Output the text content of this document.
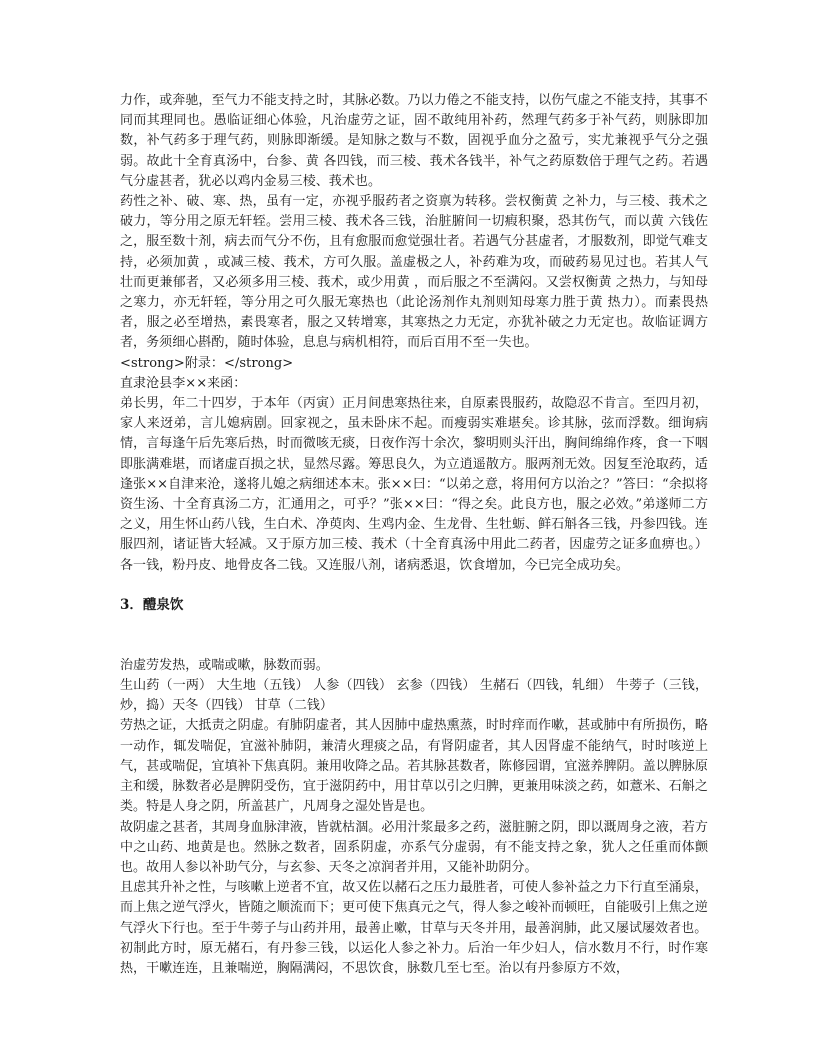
力作，或奔驰，至气力不能支持之时，其脉必数。乃以力倦之不能支持，以伤气虚之不能支持，其事不同而其理同也。愚临证细心体验，凡治虚劳之证，固不敢纯用补药，然理气药多于补气药，则脉即加数，补气药多于理气药，则脉即渐缓。是知脉之数与不数，固视乎血分之盈亏，实尤兼视乎气分之强弱。故此十全育真汤中，台参、黄 各四钱，而三棱、莪术各钱半，补气之药原数倍于理气之药。若遇气分虚甚者，犹必以鸡内金易三棱、莪术也。

药性之补、破、寒、热，虽有一定，亦视乎服药者之资禀为转移。尝权衡黄 之补力，与三棱、莪术之破力，等分用之原无轩轾。尝用三棱、莪术各三钱，治脏腑间一切瘕积聚，恐其伤气，而以黄 六钱佐之，服至数十剂，病去而气分不伤，且有愈服而愈觉强壮者。若遇气分甚虚者，才服数剂，即觉气难支持，必须加黄 ，或减三棱、莪术，方可久服。盖虚极之人，补药难为攻，而破药易见过也。若其人气壮而更兼郁者，又必须多用三棱、莪术，或少用黄 ，而后服之不至满闷。又尝权衡黄 之热力，与知母之寒力，亦无轩轾，等分用之可久服无寒热也（此论汤剂作丸剂则知母寒力胜于黄 热力）。而素畏热者，服之必至增热，素畏寒者，服之又转增寒，其寒热之力无定，亦犹补破之力无定也。故临证调方者，务须细心斟酌，随时体验，息息与病机相符，而后百用不至一失也。

<strong>附录：</strong>

直隶沧县李××来函：

弟长男，年二十四岁，于本年（丙寅）正月间患寒热往来，自原素畏服药，故隐忍不肯言。至四月初，家人来迓弟，言儿媳病剧。回家视之，虽未卧床不起。而瘦弱实难堪矣。诊其脉，弦而浮数。细询病情，言每逢午后先寒后热，时而微咳无痰，日夜作泻十余次，黎明则头汗出，胸间绵绵作疼，食一下咽即胀满难堪，而诸虚百损之状，显然尽露。筹思良久，为立逍遥散方。服两剂无效。因复至沧取药，适逢张××自津来沧，遂将儿媳之病细述本末。张××曰：“以弟之意，将用何方以治之？”答曰：“余拟将资生汤、十全育真汤二方，汇通用之，可乎？”张××曰：“得之矣。此良方也，服之必效。”弟遂师二方之义，用生怀山药八钱，生白术、净萸肉、生鸡内金、生龙骨、生牡蛎、鲜石斛各三钱，丹参四钱。连服四剂，诸证皆大轻减。又于原方加三棱、莪术（十全育真汤中用此二药者，因虚劳之证多血痹也。）各一钱，粉丹皮、地骨皮各二钱。又连服八剂，诸病悉退，饮食增加，今已完全成功矣。

3．醴泉饮

治虚劳发热，或喘或嗽，脉数而弱。

生山药（一两） 大生地（五钱） 人参（四钱） 玄参（四钱） 生赭石（四钱，轧细） 牛蒡子（三钱，炒，捣）天冬（四钱） 甘草（二钱）

劳热之证，大抵责之阴虚。有肺阴虚者，其人因肺中虚热熏蒸，时时痒而作嗽，甚或肺中有所损伤，略一动作，辄发喘促，宜滋补肺阴，兼清火理痰之品，有肾阴虚者，其人因肾虚不能纳气，时时咳逆上气，甚或喘促，宜填补下焦真阴。兼用收降之品。若其脉甚数者，陈修园谓，宜滋养脾阴。盖以脾脉原主和缓，脉数者必是脾阴受伤，宜于滋阴药中，用甘草以引之归脾，更兼用味淡之药，如薏米、石斛之类。特是人身之阴，所盖甚广，凡周身之湿处皆是也。

故阴虚之甚者，其周身血脉津液，皆就枯涸。必用汁浆最多之药，滋脏腑之阴，即以溉周身之液，若方中之山药、地黄是也。然脉之数者，固系阴虚，亦系气分虚弱，有不能支持之象，犹人之任重而体颤也。故用人参以补助气分，与玄参、天冬之凉润者并用，又能补助阴分。

且虑其升补之性，与咳嗽上逆者不宜，故又佐以赭石之压力最胜者，可使人参补益之力下行直至涌泉，而上焦之逆气浮火，皆随之顺流而下；更可使下焦真元之气，得人参之峻补而顿旺，自能吸引上焦之逆气浮火下行也。至于牛蒡子与山药并用，最善止嗽，甘草与天冬并用，最善润肺，此又屡试屡效者也。

初制此方时，原无赭石，有丹参三钱，以运化人参之补力。后治一年少妇人，信水数月不行，时作寒热，干嗽连连，且兼喘逆，胸隔满闷，不思饮食，脉数几至七至。治以有丹参原方不效，
